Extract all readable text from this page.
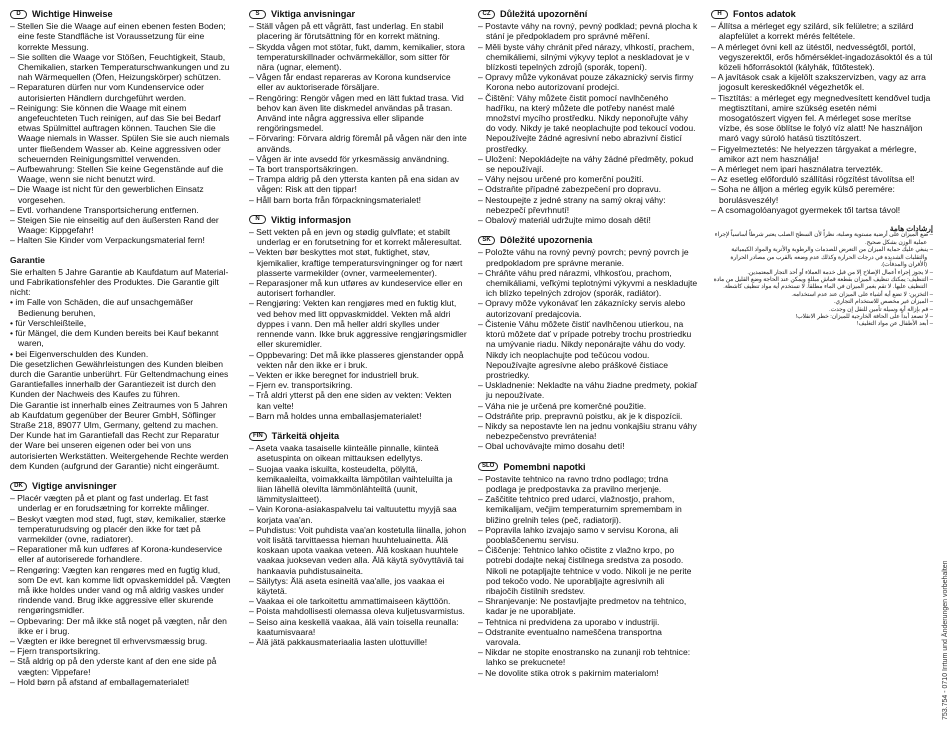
D	Wichtige Hinweise
– Stellen Sie die Waage auf einen ebenen festen Boden; eine feste Standfläche ist Voraussetzung für eine korrekte Messung.
– Sie sollten die Waage vor Stößen, Feuchtigkeit, Staub, Chemikalien, starken Temperaturschwankungen und zu nah Wärmequellen (Öfen, Heizungskörper) schützen.
– Reparaturen dürfen nur vom Kundenservice oder autorisierten Händlern durchgeführt werden.
– Reinigung: Sie können die Waage mit einem angefeuchteten Tuch reinigen, auf das Sie bei Bedarf etwas Spülmittel auftragen können. Tauchen Sie die Waage niemals in Wasser. Spülen Sie sie auch niemals unter fließendem Wasser ab. Keine aggressiven oder scheuernden Reinigungsmittel verwenden.
– Aufbewahrung: Stellen Sie keine Gegenstände auf die Waage, wenn sie nicht benutzt wird.
– Die Waage ist nicht für den gewerblichen Einsatz vorgesehen.
– Evtl. vorhandene Transportsicherung entfernen.
– Steigen Sie nie einseitig auf den äußersten Rand der Waage: Kippgefahr!
– Halten Sie Kinder vom Verpackungsmaterial fern!
Garantie

Sie erhalten 5 Jahre Garantie ab Kaufdatum auf Material- und Fabrikationsfehler des Produktes. Die Garantie gilt nicht:

• im Falle von Schäden, die auf unsachgemäßer Bedienung beruhen,
• für Verschleißteile,
• für Mängel, die dem Kunden bereits bei Kauf bekannt waren,
• bei Eigenverschulden des Kunden.

Die gesetzlichen Gewährleistungen des Kunden bleiben durch die Garantie unberührt. Für Geltendmachung eines Garantiefalles innerhalb der Garantiezeit ist durch den Kunden der Nachweis des Kaufes zu führen.

Die Garantie ist innerhalb eines Zeitraumes von 5 Jahren ab Kaufdatum gegenüber der Beurer GmbH, Söflinger Straße 218, 89077 Ulm, Germany, geltend zu machen. Der Kunde hat im Garantiefall das Recht zur Reparatur der Ware bei unseren eigenen oder bei von uns autorisierten Werkstätten. Weitergehende Rechte werden dem Kunden (aufgrund der Garantie) nicht eingeräumt.

DK Vigtige anvisninger
– Placér vægten på et plant og fast underlag. Et fast underlag er en forudsætning for korrekte målinger.
– Beskyt vægten mod stød, fugt, støv, kemikalier, stærke temperaturudsving og placér den ikke for tæt på varmekilder (ovne, radiatorer).
– Reparationer må kun udføres af Korona-kundeservice eller af autoriserede forhandlere.
– Rengøring: Vægten kan rengøres med en fugtig klud, som De evt. kan komme lidt opvaskemiddel på. Vægten må ikke holdes under vand og må aldrig vaskes under rindende vand. Brug ikke aggressive eller skurende rengøringsmidler.
– Opbevaring: Der må ikke stå noget på vægten, når den ikke er i brug.
– Vægten er ikke beregnet til erhvervsmæssig brug.
– Fjern transportsikring.
– Stå aldrig op på den yderste kant af den ene side på vægten: Vippefare!
– Hold børn på afstand af emballagematerialet!
S	Viktiga anvisningar
– Ställ vågen på ett vågrätt, fast underlag. En stabil placering är förutsättning för en korrekt mätning.
– Skydda vågen mot stötar, fukt, damm, kemikalier, stora temperaturskillnader ochvärmekällor, som sitter för nära (ugnar, element).
– Vågen får endast repareras av Korona kundservice eller av auktoriserade försäljare.
– Rengöring: Rengör vågen med en lätt fuktad trasa. Vid behov kan även lite diskmedel användas på trasan. Använd inte några aggressiva eller slipande rengöringsmedel.
– Förvaring: Förvara aldrig föremål på vågen när den inte används.
– Vågen är inte avsedd för yrkesmässig användning.
– Ta bort transportsäkringen.
– Trampa aldrig på den yttersta kanten på ena sidan av vågen: Risk att den tippar!
– Håll barn borta från förpackningsmaterialet!
N	Viktig informasjon
– Sett vekten på en jevn og stødig gulvflate; et stabilt underlag er en forutsetning for et korrekt måleresultat.
– Vekten bør beskyttes mot støt, fuktighet, støv, kjemikalier, kraftige temperatursvingninger og for nært plasserte varmekilder (ovner, varmeelementer).
– Reparasjoner må kun utføres av kundeservice eller en autorisert forhandler.
– Rengjøring: Vekten kan rengjøres med en fuktig klut, ved behov med litt oppvaskmiddel. Vekten må aldri dyppes i vann. Den må heller aldri skylles under rennende vann. Ikke bruk aggressive rengjøringsmidler eller skuremidler.
– Oppbevaring: Det må ikke plasseres gjenstander oppå vekten når den ikke er i bruk.
– Vekten er ikke beregnet for industriell bruk.
– Fjern ev. transportsikring.
– Trå aldri ytterst på den ene siden av vekten: Vekten kan velte!
– Barn må holdes unna emballasjematerialet!
FIN Tärkeitä ohjeita
– Aseta vaaka tasaiselle kiinteälle pinnalle, kiinteä asetuspinta on oikean mittauksen edellytys.
– Suojaa vaaka iskuilta, kosteudelta, pölyltä, kemikaaleilta, voimakkailta lämpötilan vaihteluilta ja liian lähellä olevilta lämmönlähteiltä (uunit, lämmityslaitteet).
– Vain Korona-asiakaspalvelu tai valtuutettu myyjä saa korjata vaa'an.
– Puhdistus: Voit puhdista vaa'an kostetulla liinalla, johon voit lisätä tarvittaessa hieman huuhteluainetta. Älä koskaan upota vaakaa veteen. Älä koskaan huuhtele vaakaa juoksevan veden alla. Älä käytä syövyttäviä tai hankaavia puhdistusaineita.
– Säilytys: Älä aseta esineitä vaa'alle, jos vaakaa ei käytetä.
– Vaakaa ei ole tarkoitettu ammattimaiseen käyttöön.
– Poista mahdollisesti olemassa oleva kuljetusvarmistus.
– Seiso aina keskellä vaakaa, älä vain toisella reunalla: kaatumisvaara!
– Älä jätä pakkausmateriaalia lasten ulottuville!
CZ	Důležitá upozornění
– Postavte váhy na rovný, pevný podklad; pevná plocha k stání je předpokladem pro správné měření.
– Měli byste váhy chránit před nárazy, vlhkostí, prachem, chemikáliemi, silnými výkyvy teplot a neskladovat je v blízkosti tepelných zdrojů (sporák, topení).
– Opravy může vykonávat pouze zákaznický servis firmy Korona nebo autorizovaní prodejci.
– Čištění: Váhy můžete čistit pomocí navlhčeného hadříku, na který můžete dle potřeby nanést malé množství mycího prostředku. Nikdy neponořujte váhy do vody. Nikdy je také neoplachujte pod tekoucí vodou. Nepoužívejte žádné agresivní nebo abrazivní čisticí prostředky.
– Uložení: Nepokládejte na váhy žádné předměty, pokud se nepoužívají.
– Váhy nejsou určené pro komerční použití.
– Odstraňte případné zabezpečení pro dopravu.
– Nestoupejte z jedné strany na samý okraj váhy: nebezpečí převrhnutí!
– Obalový materiál udržujte mimo dosah dětí!
SK	Dôležité upozornenia
– Položte váhu na rovný pevný povrch; pevný povrch je predpokladom pre správne meranie.
– Chráňte váhu pred nárazmi, vlhkosťou, prachom, chemikáliami, veľkými teplotnými výkyvmi a neskladujte ich blízko tepelných zdrojov (sporák, radiátor).
– Opravy môže vykonávať len zákaznícky servis alebo autorizovaní predajcovia.
– Čistenie Váhu môžete čistiť navlhčenou utierkou, na ktorú môžete dať v prípade potreby trochu prostriedku na umývanie riadu. Nikdy neponárajte váhu do vody. Nikdy ich neoplachujte pod tečúcou vodou. Nepoužívajte agresívne alebo práškové čistiace prostriedky.
– Uskladnenie: Nekladte na váhu žiadne predmety, pokiaľ ju nepoužívate.
– Váha nie je určená pre komerčné použitie.
– Odstráňte prip. prepravnú poistku, ak je k dispozícii.
– Nikdy sa nepostavte len na jednu vonkajšiu stranu váhy nebezpečenstvo prevrátenia!
– Obal uchovávajte mimo dosahu detí!
SLO Pomembni napotki
– Postavite tehtnico na ravno trdno podlago; trdna podlaga je predpostavka za pravilno merjenje.
– Zaščitite tehtnico pred udarci, vlažnostjo, prahom, kemikalijam, večjim temperaturnim spremembam in bližino grelnih teles (peč, radiatorji).
– Popravila lahko izvajajo samo v servisu Korona, ali pooblaščenemu servisu.
– Čiščenje: Tehtnico lahko očistite z vlažno krpo, po potrebi dodajte nekaj čistilnega sredstva za posodo. Nikoli ne potapljajte tehtnice v vodo. Nikoli je ne perite pod tekočo vodo. Ne uporabljajte agresivnih ali ribajočih čistilnih sredstev.
– Shranjevanje: Ne postavljajte predmetov na tehtnico, kadar je ne uporabljate.
– Tehtnica ni predvidena za uporabo v industriji.
– Odstranite eventualno nameščena transportna varovala.
– Nikdar ne stopite enostransko na zunanji rob tehtnice: lahko se prekucnete!
– Ne dovolite stika otrok s pakirnim materialom!
H	Fontos adatok
– Állítsa a mérleget egy szilárd, sík felületre; a szilárd alapfelület a korrekt mérés feltétele.
– A mérleget óvni kell az ütéstől, nedvességtől, portól, vegyszerektől, erős hőmérséklet-ingadozásoktól és a túl közeli hőforrásoktól (kályhák, fűtőtestek).
– A javítások csak a kijelölt szakszervizben, vagy az arra jogosult kereskedőknél végezhetők el.
– Tisztítás: a mérleget egy megnedvesített kendővel tudja megtisztítani, amire szükség esetén némi mosogatószert vigyen fel. A mérleget sose merítse vízbe, és sose öblítse le folyó víz alatt! Ne használjon maró vagy súroló hatású tisztítószert.
– Figyelmeztetés: Ne helyezzen tárgyakat a mérlegre, amikor azt nem használja!
– A mérleget nem ipari használatra tervezték.
– Az esetleg előforduló szállítási rögzítést távolítsa el!
– Soha ne álljon a mérleg egyik külső peremére: borulásveszély!
– A csomagolóanyagot gyermekek től tartsa távol!
إرشادات هامة
– ضع الميزان على أرضية مستوية وصلبة، نظراً لأن السطح الصلب يعتبر شرطاً أساسياً لإجراء عملية الوزن بشكل صحيح.
– ينبغي عليك حماية الميزان من التعرض للصدمات والرطوبة والأتربة والمواد الكيميائية والتقلبات الشديدة في درجات الحرارة وكذلك عدم وضعه بالقرب من مصادر الحرارة (الأفران والمدفآت).
– لا يجوز إجراء أعمال الإصلاح إلا من قبل خدمة العملاء أو أحد التجار المعتمدين.
– التنظيف: يمكنك تنظيف الميزان بقطعة قماش مبللة ويمكن عند الحاجة وضع القليل من مادة التنظيف عليها. لا تقم بغمر الميزان في الماء مطلقاً. لا تستخدم أية مواد تنظيف كاشطة.
– التخزين: لا تضع أية أشياء على الميزان عند عدم استخدامه.
– الميزان غير مخصص للاستخدام التجاري.
– قم بإزالة أية وسيلة تأمين للنقل إن وجدت.
– لا تصعد أبداً على الحافة الخارجية للميزان: خطر الانقلاب!
– أبعد الأطفال عن مواد التغليف!
753.754 - 0710 Irrtum und Änderungen vorbehalten
